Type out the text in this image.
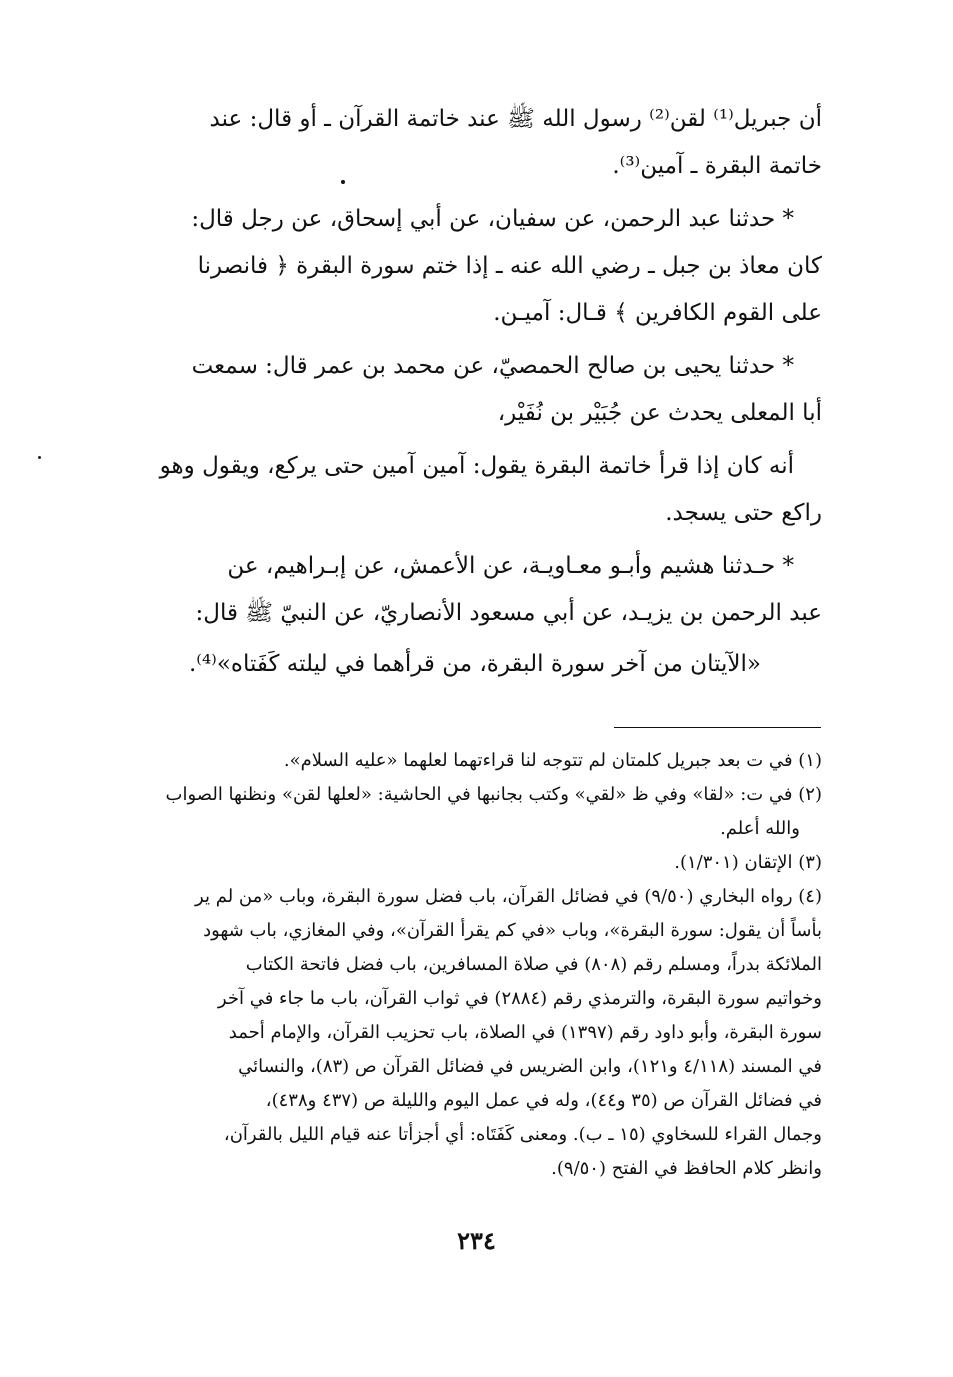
أن جبريل⁽¹⁾ لقن⁽²⁾ رسول الله ﷺ عند خاتمة القرآن ـ أو قال: عند

خاتمة البقرة ـ آمين⁽³⁾.

* حدثنا عبد الرحمن، عن سفيان، عن أبي إسحاق، عن رجل قال:

كان معاذ بن جبل ـ رضي الله عنه ـ إذا ختم سورة البقرة ﴿ فانصرنا

على القوم الكافرين ﴾ قـال: آميـن.

* حدثنا يحيى بن صالح الحمصيّ، عن محمد بن عمر قال: سمعت

أبا المعلى يحدث عن جُبَيْر بن نُفَيْر،

أنه كان إذا قرأ خاتمة البقرة يقول: آمين آمين حتى يركع، ويقول وهو

راكع حتى يسجد.

* حـدثنا هشيم وأبـو معـاويـة، عن الأعمش، عن إبـراهيم، عن

عبد الرحمن بن يزيـد، عن أبي مسعود الأنصاريّ، عن النبيّ ﷺ قال:

«الآيتان من آخر سورة البقرة، من قرأهما في ليلته كَفَتاه»⁽⁴⁾.

(١) في ت بعد جبريل كلمتان لم تتوجه لنا قراءتهما لعلهما «عليه السلام».

(٢) في ت: «لقا» وفي ظ «لقي» وكتب بجانبها في الحاشية: «لعلها لقن» ونظنها الصواب

والله أعلم.

(٣) الإتقان (١/٣٠١).

(٤) رواه البخاري (٩/٥٠) في فضائل القرآن، باب فضل سورة البقرة، وباب «من لم ير

بأساً أن يقول: سورة البقرة»، وباب «في كم يقرأ القرآن»، وفي المغازي، باب شهود

الملائكة بدراً، ومسلم رقم (٨٠٨) في صلاة المسافرين، باب فضل فاتحة الكتاب

وخواتيم سورة البقرة، والترمذي رقم (٢٨٨٤) في ثواب القرآن، باب ما جاء في آخر

سورة البقرة، وأبو داود رقم (١٣٩٧) في الصلاة، باب تحزيب القرآن، والإمام أحمد

في المسند (٤/١١٨ و١٢١)، وابن الضريس في فضائل القرآن ص (٨٣)، والنسائي

في فضائل القرآن ص (٣٥ و٤٤)، وله في عمل اليوم والليلة ص (٤٣٧ و٤٣٨)،

وجمال القراء للسخاوي (١٥ ـ ب). ومعنى كَفَتَاه: أي أجزأتا عنه قيام الليل بالقرآن،

وانظر كلام الحافظ في الفتح (٩/٥٠).

٢٣٤
